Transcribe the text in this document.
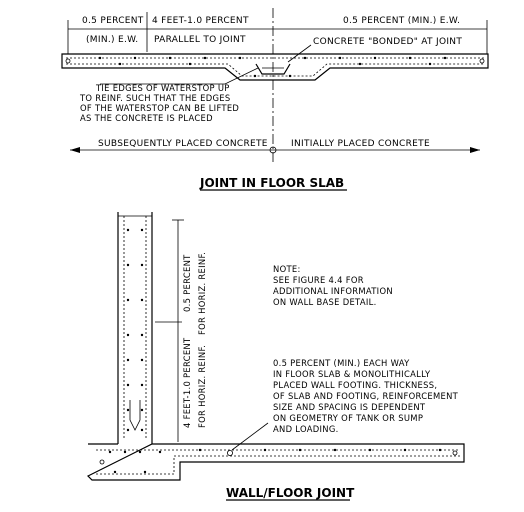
0.5 PERCENT
(MIN.) E.W.
4 FEET-1.0 PERCENT
PARALLEL TO JOINT
0.5 PERCENT (MIN.) E.W.
CONCRETE "BONDED" AT JOINT
TIE EDGES OF WATERSTOP UP
TO REINF. SUCH THAT THE EDGES
OF THE WATERSTOP CAN BE LIFTED
AS THE CONCRETE IS PLACED
SUBSEQUENTLY PLACED CONCRETE	INITIALLY PLACED CONCRETE
JOINT IN FLOOR SLAB
0.5 PERCENT FOR HORIZ. REINF.
4 FEET-1.0 PERCENT FOR HORIZ. REINF.
NOTE:
SEE FIGURE 4.4 FOR
ADDITIONAL INFORMATION
ON WALL BASE DETAIL.
0.5 PERCENT (MIN.) EACH WAY
IN FLOOR SLAB & MONOLITHICALLY
PLACED WALL FOOTING. THICKNESS,
OF SLAB AND FOOTING, REINFORCEMENT
SIZE AND SPACING IS DEPENDENT
ON GEOMETRY OF TANK OR SUMP
AND LOADING.
WALL/FLOOR JOINT
